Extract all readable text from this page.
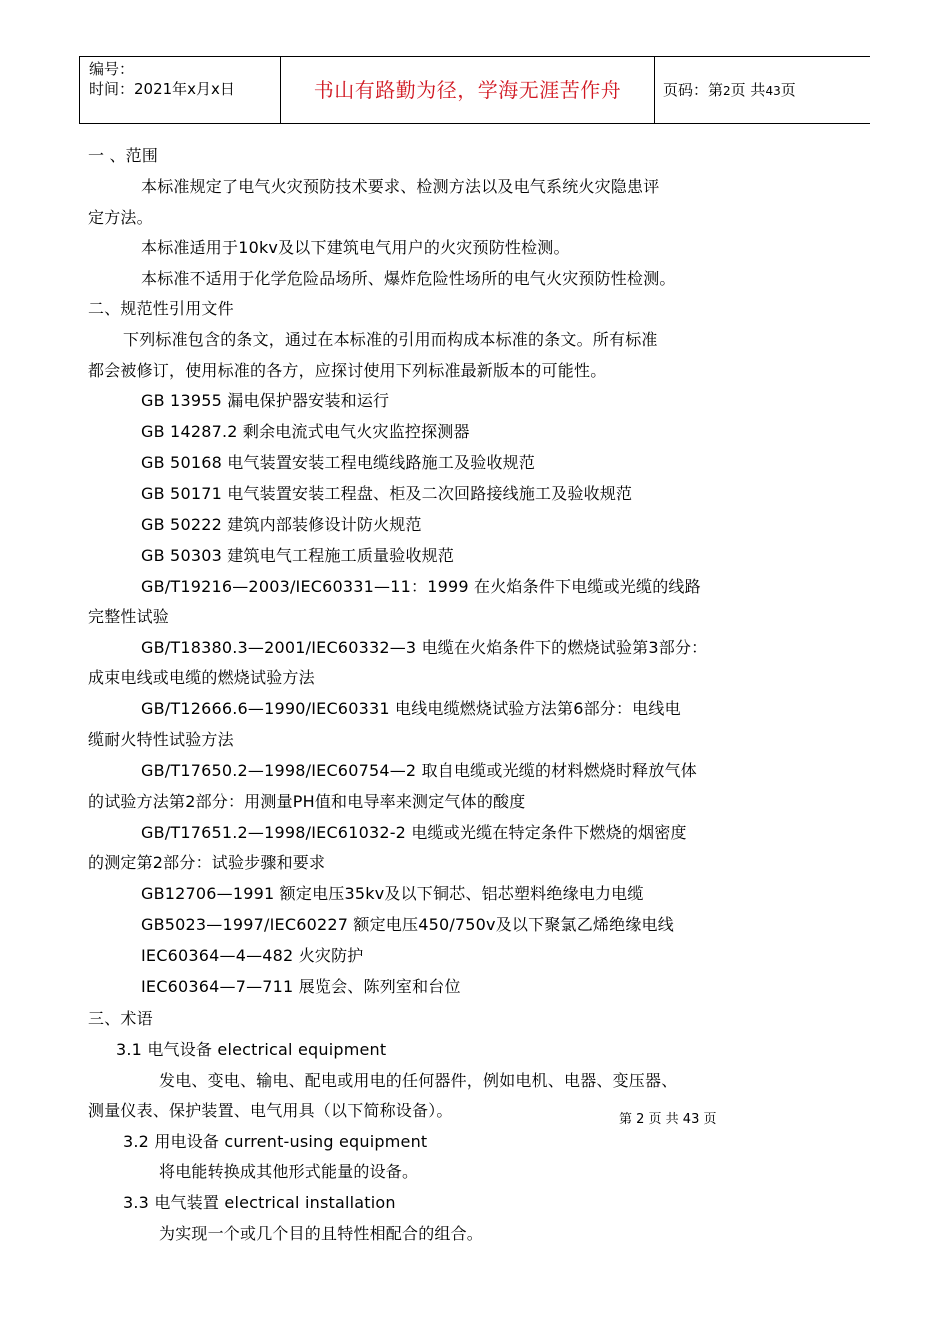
编号：
时间：2021年x月x日	书山有路勤为径，学海无涯苦作舟	页码：第2页 共43页
一 、范围
本标准规定了电气火灾预防技术要求、检测方法以及电气系统火灾隐患评
定方法。
本标准适用于10kv及以下建筑电气用户的火灾预防性检测。
本标准不适用于化学危险品场所、爆炸危险性场所的电气火灾预防性检测。
二、规范性引用文件
下列标准包含的条文，通过在本标准的引用而构成本标准的条文。所有标准
都会被修订，使用标准的各方，应探讨使用下列标准最新版本的可能性。
GB 13955 漏电保护器安装和运行
GB 14287.2 剩余电流式电气火灾监控探测器
GB 50168 电气装置安装工程电缆线路施工及验收规范
GB 50171 电气装置安装工程盘、柜及二次回路接线施工及验收规范
GB 50222 建筑内部装修设计防火规范
GB 50303 建筑电气工程施工质量验收规范
GB/T19216—2003/IEC60331—11：1999 在火焰条件下电缆或光缆的线路
完整性试验
GB/T18380.3—2001/IEC60332—3 电缆在火焰条件下的燃烧试验第3部分：
成束电线或电缆的燃烧试验方法
GB/T12666.6—1990/IEC60331 电线电缆燃烧试验方法第6部分：电线电
缆耐火特性试验方法
GB/T17650.2—1998/IEC60754—2 取自电缆或光缆的材料燃烧时释放气体
的试验方法第2部分：用测量PH值和电导率来测定气体的酸度
GB/T17651.2—1998/IEC61032-2 电缆或光缆在特定条件下燃烧的烟密度
的测定第2部分：试验步骤和要求
GB12706—1991 额定电压35kv及以下铜芯、铝芯塑料绝缘电力电缆
GB5023—1997/IEC60227 额定电压450/750v及以下聚氯乙烯绝缘电线
IEC60364—4—482 火灾防护
IEC60364—7—711 展览会、陈列室和台位
三、术语
3.1 电气设备 electrical equipment
发电、变电、输电、配电或用电的任何器件，例如电机、电器、变压器、
测量仪表、保护装置、电气用具（以下简称设备）。
3.2 用电设备 current-using equipment
将电能转换成其他形式能量的设备。
3.3 电气装置 electrical installation
为实现一个或几个目的且特性相配合的组合。
第 2 页 共 43 页
